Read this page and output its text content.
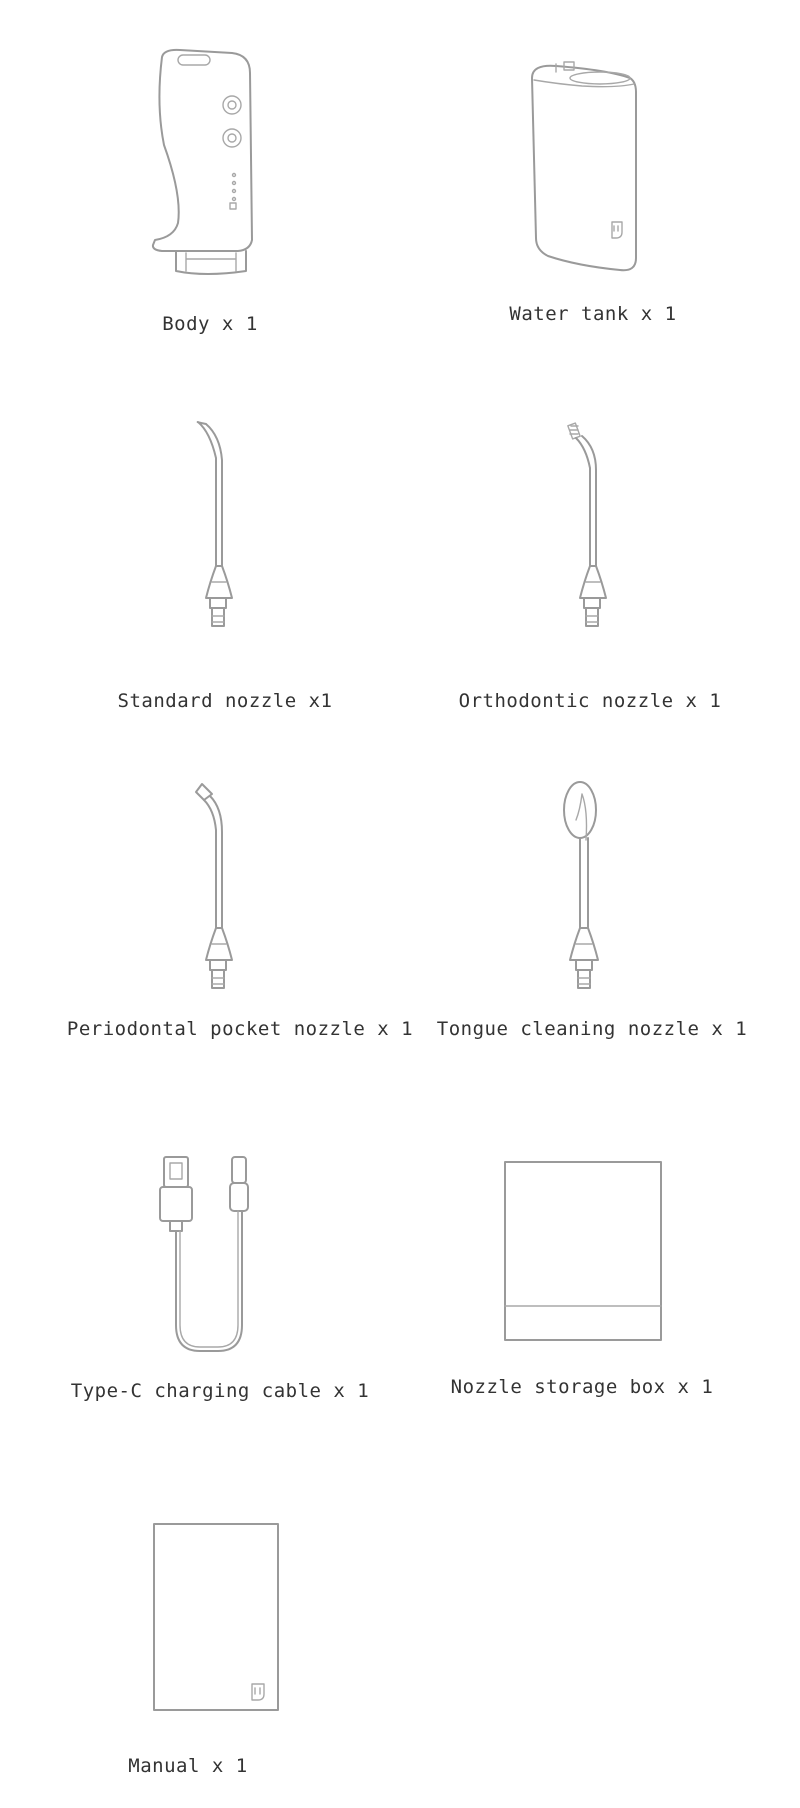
Body x 1	Water tank x 1
Standard nozzle x1	Orthodontic nozzle x 1
Periodontal pocket nozzle x 1 Tongue cleaning nozzle x 1
Type-C charging cable x 1	Nozzle storage box x 1
Manual x 1
